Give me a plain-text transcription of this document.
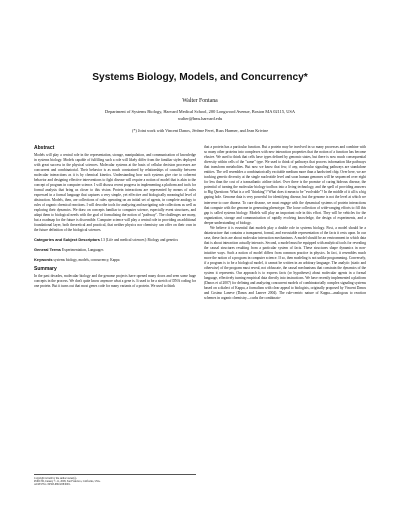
Systems Biology, Models, and Concurrency*
Walter Fontana
Department of Systems Biology, Harvard Medical School, 200 Longwood Avenue, Boston MA 02115, USA
walter@hms.harvard.edu
(*) Joint work with Vincent Danos, Jérôme Feret, Russ Harmer, and Jean Krivine
Abstract

Models will play a central role in the representation, storage, manipulation, and communication of knowledge in systems biology. Models capable of fulfilling such a role will likely differ from the familiar styles deployed with great success in the physical sciences. Molecular systems at the basis of cellular decision processes are concurrent and combinatorial. Their behavior is as much constrained by relationships of causality between molecular interactions as it is by chemical kinetics. Understanding how such systems give rise to coherent behavior and designing effective interventions to fight disease will require a notion of model that is akin to the concept of program in computer science. I will discuss recent progress in implementing a platform and tools for formal analysis that bring us closer to this vision. Protein interactions are represented by means of rules expressed in a formal language that captures a very simple, yet effective and biologically meaningful level of abstraction. Models, then, are collections of rules operating on an initial set of agents, in complete analogy to rules of organic chemical reactions. I will describe tools for analyzing and navigating rule collections as well as exploring their dynamics. We draw on concepts familiar to computer science, especially event structures, and adapt them to biological needs with the goal of formalizing the notion of "pathway". The challenges are many, but a roadmap for the future is discernible. Computer science will play a central role in providing an additional foundational layer, both theoretical and practical, that neither physics nor chemistry can offer on their own in the future definition of the biological sciences.

Categories and Subject Descriptors J.3 [Life and medical sciences]: Biology and genetics

General Terms Experimentation, Languages

Keywords systems biology, models, concurrency, Kappa

Summary

In the past decades, molecular biology and the genome projects have opened many doors and seen some huge concepts in the process. We don't quite know anymore what a gene is. It used to be a stretch of DNA coding for one protein. But it turns out that most genes code for many variants of a protein. We used to think

Copyright is held by the author/owner(s).
PODC'06, January 7–11, 2008, San Francisco, California, USA.
ACM 978-1-59593-689-9/08/0001.

that a protein has a particular function. But a protein may be involved in so many processes and combine with so many other proteins into complexes with new interaction properties that the notion of a function has become elusive. We used to think that cells have types defined by genomic states, but there is now much consequential diversity within cells of the "same" type. We used to think of pathways that process information like pathways that transform metabolites. But now we know that few, if any, molecular signaling pathways are standalone entities. The cell resembles a combinatorically excitable medium more than a hardwired chip. Over here, we are tracking genetic diversity at the single nucleotide level and soon human genomes will be sequenced over eight for less than the cost of a transatlantic airline ticket. Over there is the promise of curing hideous disease, the potential of turning the molecular biology toolbox into a living technology, and the spell of providing answers to Big Questions: What is a cell "thinking"? What does it mean to be "evolvable"? In the middle of it all is a big gaping hole. Genome data is very powerful for identifying disease, but the genome is not the level at which we intervene to cure disease. To cure disease, we must engage with the dynamical systems of protein interactions that compute with the genome in generating phenotype. The loose collection of wide-ranging efforts to fill this gap is called systems biology. Models will play an important role in this effort. They will be vehicles for the organization, storage and communication of rapidly evolving knowledge, the design of experiments, and a deeper understanding of biology.

We believe it is essential that models play a double role in systems biology. First, a model should be a datastructure that contains a transparent, formal, and executable representation of the facts it rests upon. In our case, these facts are about molecular interaction mechanisms. A model should be an environment in which data that is about interaction actually interacts. Second, a model must be equipped with analytical tools for revealing the causal structures resulting from a particular system of facts. These structures shape dynamics in non-intuitive ways. Such a notion of model differs from common practice in physics. In fact, it resembles much more the notion of a program in computer science. If so, then modeling is not unlike programming. Conversely, if a program is to be a biological model, it cannot be written in an arbitrary language. The analytic (static and otherwise) of the program must reveal, not obfuscate, the causal mechanisms that constrain the dynamics of the system it represents. Our approach is to express facts (or hypotheses) about molecular agents in a formal language, effectively turning empirical data directly into instructions. We have recently implemented a platform (Danos et al 2007) for defining and analyzing concurrent models of combinatorially complex signaling systems based on a dialect of Kappa, a formalism with clear appeal to biologists, originally proposed by Vincent Danos and Cosimo Laneve (Danos and Laneve 2004). The rule-centric nature of Kappa—analogous to reaction schemes in organic chemistry—curbs the combinato-
